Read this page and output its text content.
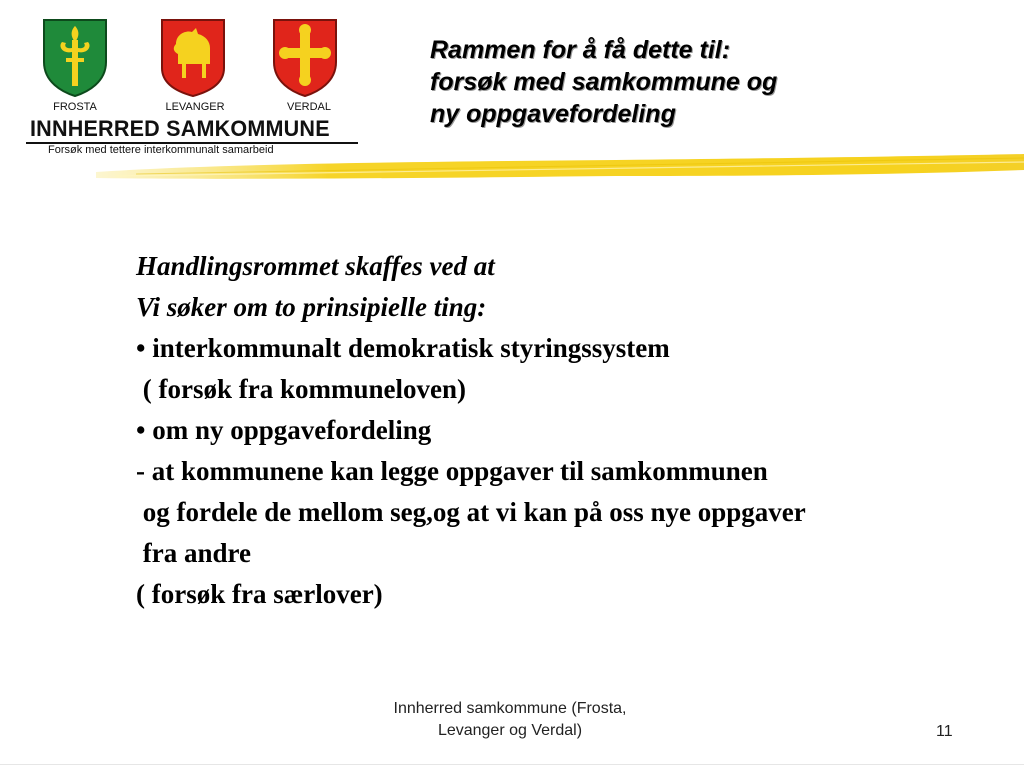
FROSTA	LEVANGER	VERDAL
INNHERRED SAMKOMMUNE
Forsøk med tettere interkommunalt samarbeid
Rammen for å få dette til:
forsøk med samkommune og
ny oppgavefordeling
Handlingsrommet skaffes ved at
Vi søker om to prinsipielle ting:
• interkommunalt demokratisk styringssystem
( forsøk fra kommuneloven)
• om ny oppgavefordeling
- at kommunene kan legge oppgaver til samkommunen
og fordele de mellom seg,og at vi kan på oss nye oppgaver
fra andre
( forsøk fra særlover)
Innherred samkommune (Frosta,
Levanger og Verdal)	11
